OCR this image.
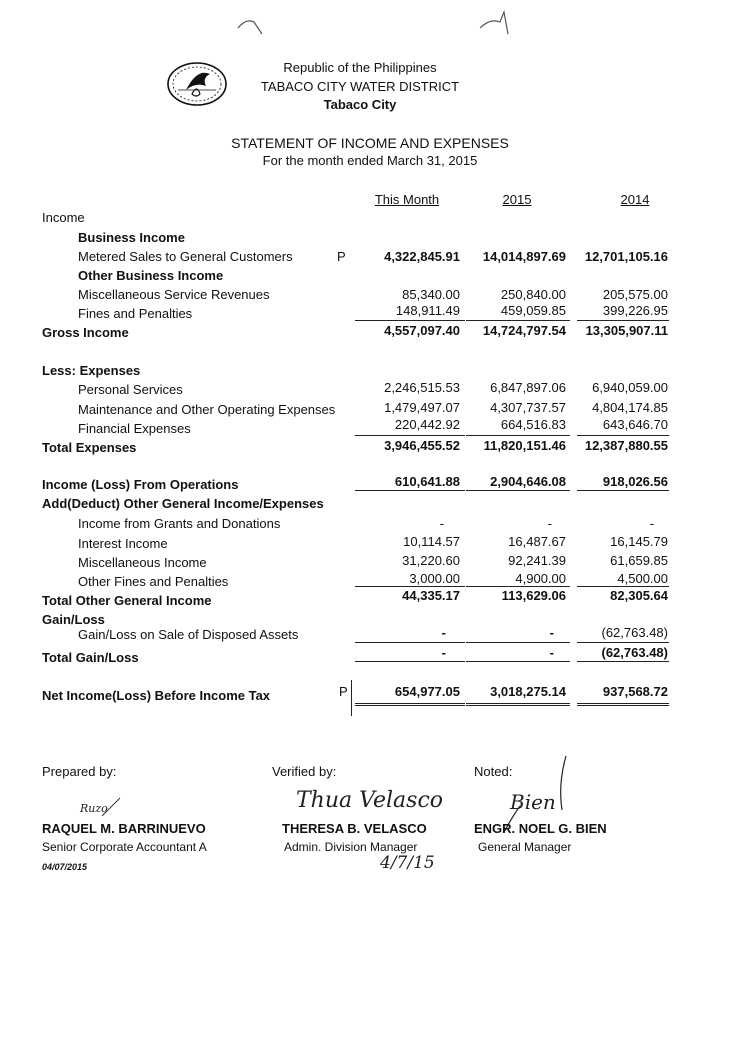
Republic of the Philippines
TABACO CITY WATER DISTRICT
Tabaco City
STATEMENT OF INCOME AND EXPENSES
For the month ended March 31, 2015
This Month	2015	2014
Income
Business Income
Metered Sales to General Customers	P	4,322,845.91	14,014,897.69	12,701,105.16
Other Business Income
Miscellaneous Service Revenues	85,340.00	250,840.00	205,575.00
Fines and Penalties	148,911.49	459,059.85	399,226.95
Gross Income	4,557,097.40	14,724,797.54	13,305,907.11
Less: Expenses
Personal Services	2,246,515.53	6,847,897.06	6,940,059.00
Maintenance and Other Operating Expenses	1,479,497.07	4,307,737.57	4,804,174.85
Financial Expenses	220,442.92	664,516.83	643,646.70
Total Expenses	3,946,455.52	11,820,151.46	12,387,880.55
Income (Loss) From Operations	610,641.88	2,904,646.08	918,026.56
Add(Deduct) Other General Income/Expenses
Income from Grants and Donations	-	-	-
Interest Income	10,114.57	16,487.67	16,145.79
Miscellaneous Income	31,220.60	92,241.39	61,659.85
Other Fines and Penalties	3,000.00	4,900.00	4,500.00
Total Other General Income	44,335.17	113,629.06	82,305.64
Gain/Loss
Gain/Loss on Sale of Disposed Assets	-	-	(62,763.48)
Total Gain/Loss	-	-	(62,763.48)
Net Income(Loss) Before Income Tax	P	654,977.05	3,018,275.14	937,568.72
Prepared by:
Ruzo
RAQUEL M. BARRINUEVO
Senior Corporate Accountant A
04/07/2015
Verified by:
Thua Velasco
THERESA B. VELASCO
Admin. Division Manager
4/7/15
Noted:
Bien
ENGR. NOEL G. BIEN
General Manager
